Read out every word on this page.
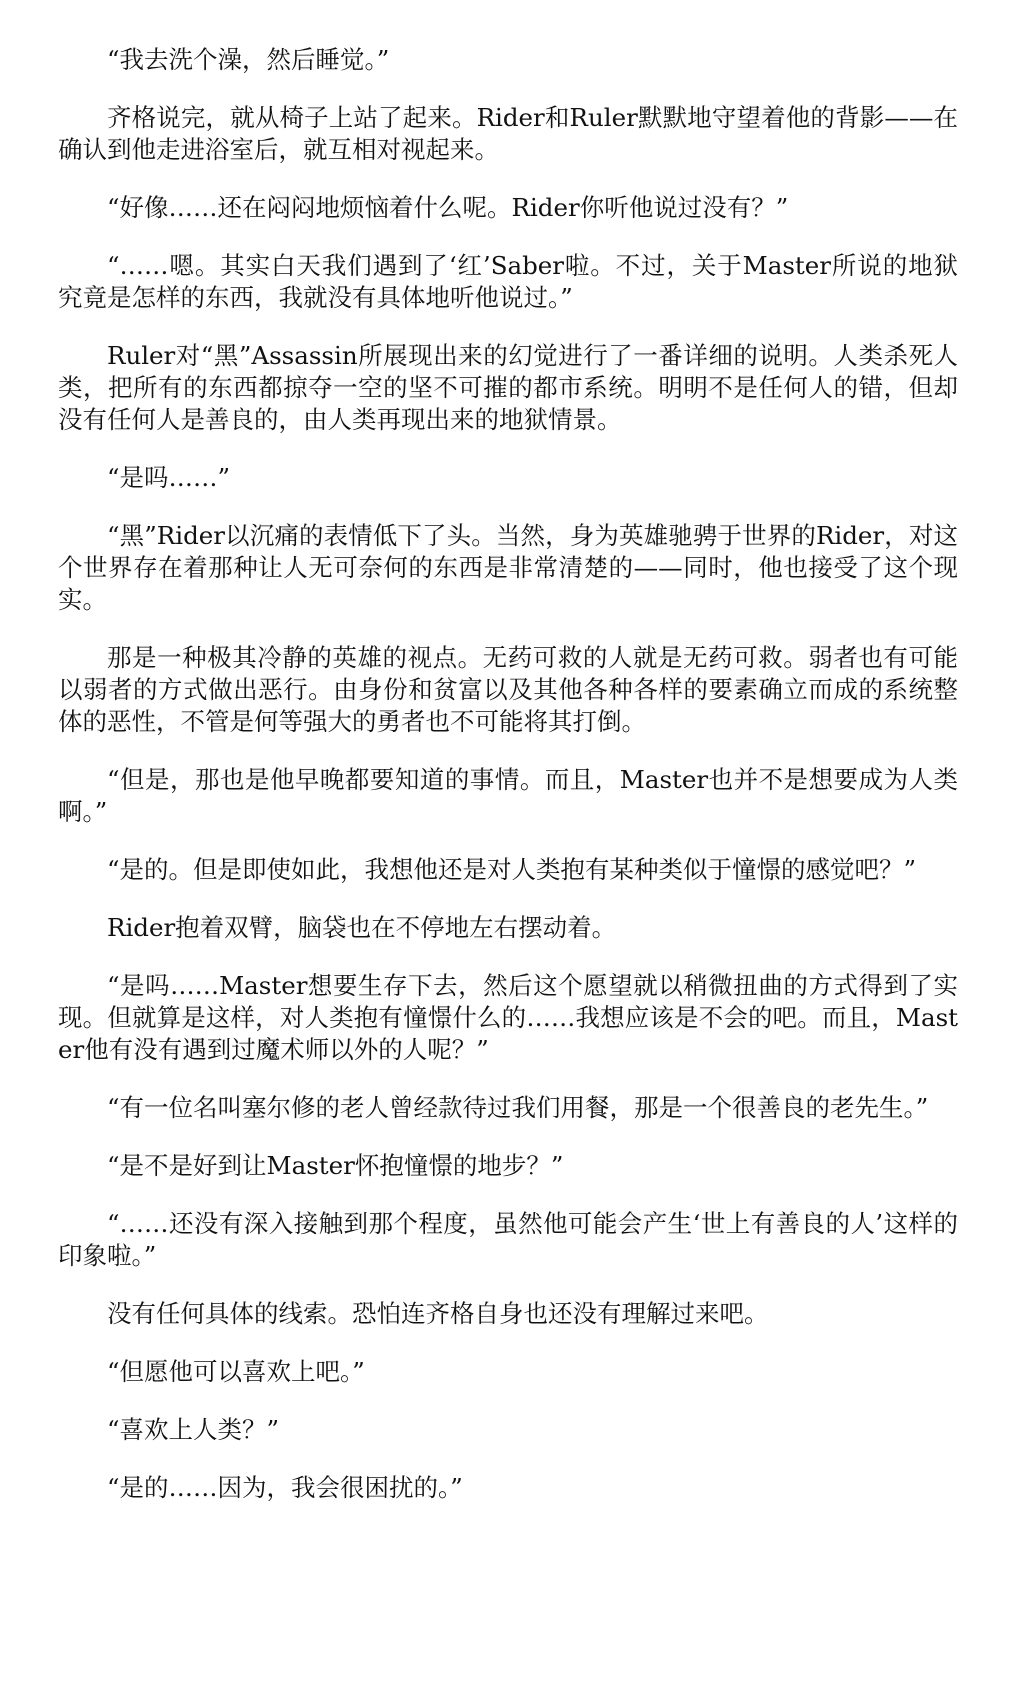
“我去洗个澡，然后睡觉。”

齐格说完，就从椅子上站了起来。Rider和Ruler默默地守望着他的背影——在确认到他走进浴室后，就互相对视起来。

“好像……还在闷闷地烦恼着什么呢。Rider你听他说过没有？”

“……嗯。其实白天我们遇到了‘红’Saber啦。不过，关于Master所说的地狱究竟是怎样的东西，我就没有具体地听他说过。”

Ruler对“黑”Assassin所展现出来的幻觉进行了一番详细的说明。人类杀死人类，把所有的东西都掠夺一空的坚不可摧的都市系统。明明不是任何人的错，但却没有任何人是善良的，由人类再现出来的地狱情景。

“是吗……”

“黑”Rider以沉痛的表情低下了头。当然，身为英雄驰骋于世界的Rider，对这个世界存在着那种让人无可奈何的东西是非常清楚的——同时，他也接受了这个现实。

那是一种极其冷静的英雄的视点。无药可救的人就是无药可救。弱者也有可能以弱者的方式做出恶行。由身份和贫富以及其他各种各样的要素确立而成的系统整体的恶性，不管是何等强大的勇者也不可能将其打倒。

“但是，那也是他早晚都要知道的事情。而且，Master也并不是想要成为人类啊。”

“是的。但是即使如此，我想他还是对人类抱有某种类似于憧憬的感觉吧？”

Rider抱着双臂，脑袋也在不停地左右摆动着。

“是吗……Master想要生存下去，然后这个愿望就以稍微扭曲的方式得到了实现。但就算是这样，对人类抱有憧憬什么的……我想应该是不会的吧。而且，Master他有没有遇到过魔术师以外的人呢？”

“有一位名叫塞尔修的老人曾经款待过我们用餐，那是一个很善良的老先生。”

“是不是好到让Master怀抱憧憬的地步？”

“……还没有深入接触到那个程度，虽然他可能会产生‘世上有善良的人’这样的印象啦。”

没有任何具体的线索。恐怕连齐格自身也还没有理解过来吧。

“但愿他可以喜欢上吧。”

“喜欢上人类？”

“是的……因为，我会很困扰的。”
